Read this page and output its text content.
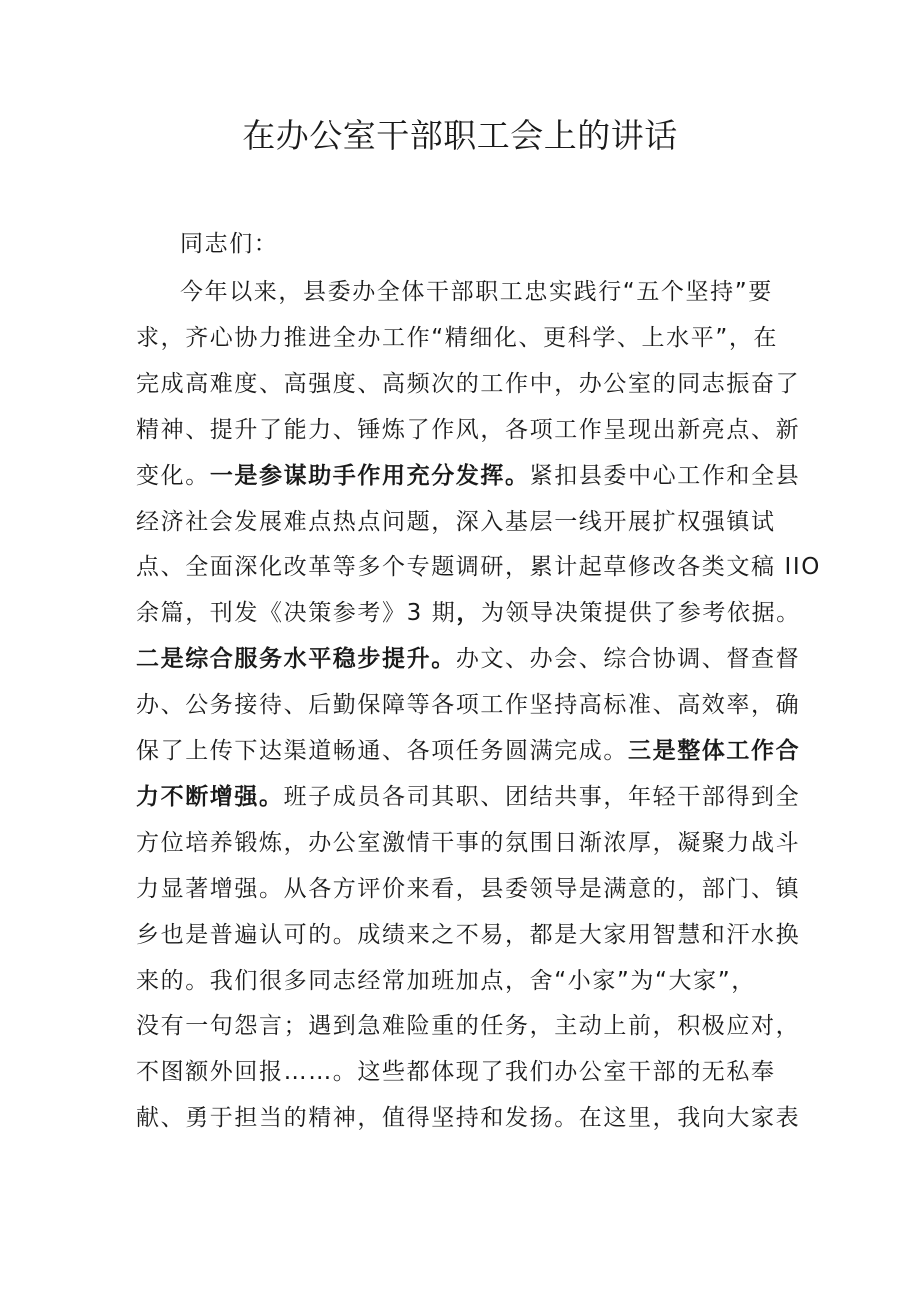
在办公室干部职工会上的讲话

同志们：

今年以来，县委办全体干部职工忠实践行“五个坚持”要

求，齐心协力推进全办工作“精细化、更科学、上水平”，在

完成高难度、高强度、高频次的工作中，办公室的同志振奋了

精神、提升了能力、锤炼了作风，各项工作呈现出新亮点、新

变化。一是参谋助手作用充分发挥。紧扣县委中心工作和全县

经济社会发展难点热点问题，深入基层一线开展扩权强镇试

点、全面深化改革等多个专题调研，累计起草修改各类文稿 IIO

余篇，刊发《决策参考》3 期，为领导决策提供了参考依据。

二是综合服务水平稳步提升。办文、办会、综合协调、督查督

办、公务接待、后勤保障等各项工作坚持高标准、高效率，确

保了上传下达渠道畅通、各项任务圆满完成。三是整体工作合

力不断增强。班子成员各司其职、团结共事，年轻干部得到全

方位培养锻炼，办公室激情干事的氛围日渐浓厚，凝聚力战斗

力显著增强。从各方评价来看，县委领导是满意的，部门、镇

乡也是普遍认可的。成绩来之不易，都是大家用智慧和汗水换

来的。我们很多同志经常加班加点，舍“小家”为“大家”，

没有一句怨言；遇到急难险重的任务，主动上前，积极应对，

不图额外回报……。这些都体现了我们办公室干部的无私奉

献、勇于担当的精神，值得坚持和发扬。在这里，我向大家表
